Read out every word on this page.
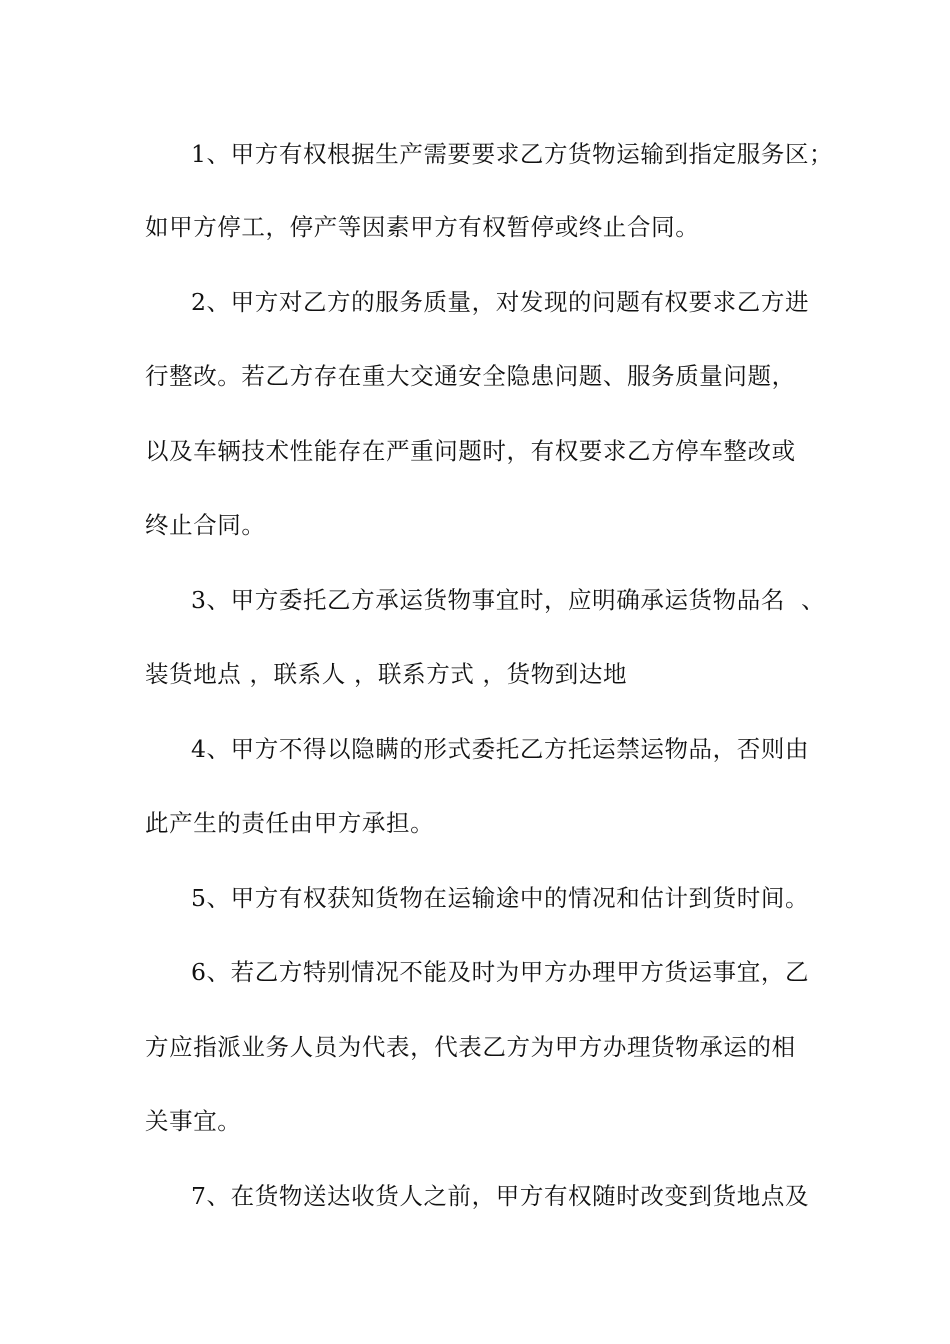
1、甲方有权根据生产需要要求乙方货物运输到指定服务区；
如甲方停工，停产等因素甲方有权暂停或终止合同。
2、甲方对乙方的服务质量，对发现的问题有权要求乙方进
行整改。若乙方存在重大交通安全隐患问题、服务质量问题，
以及车辆技术性能存在严重问题时，有权要求乙方停车整改或
终止合同。
3、甲方委托乙方承运货物事宜时，应明确承运货物品名  、
装货地点 ，联系人 ，联系方式 ，货物到达地
4、甲方不得以隐瞒的形式委托乙方托运禁运物品，否则由
此产生的责任由甲方承担。
5、甲方有权获知货物在运输途中的情况和估计到货时间。
6、若乙方特别情况不能及时为甲方办理甲方货运事宜，乙
方应指派业务人员为代表，代表乙方为甲方办理货物承运的相
关事宜。
7、在货物送达收货人之前，甲方有权随时改变到货地点及
